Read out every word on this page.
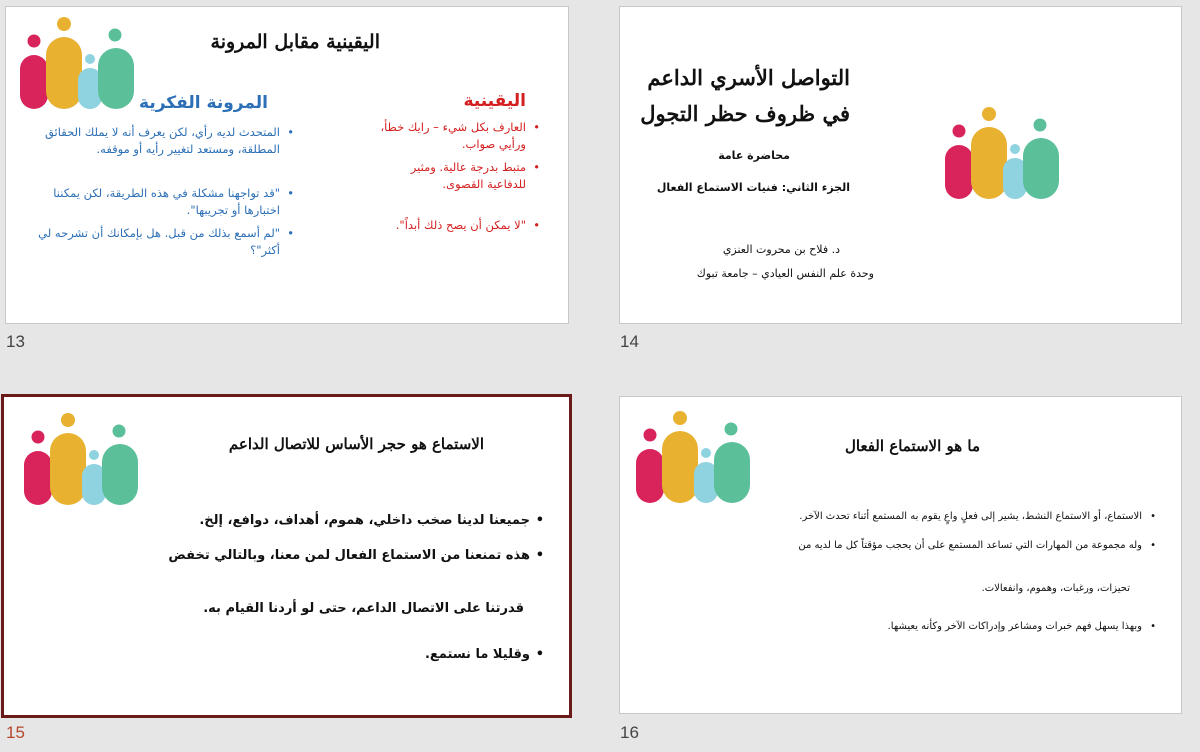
اليقينية مقابل المرونة
المرونة الفكرية
• المتحدث لديه رأي، لكن يعرف أنه لا يملك الحقائق المطلقة، ومستعد لتغيير رأيه أو موقفه.
• "قد تواجهنا مشكلة في هذه الطريقة، لكن يمكننا اختبارها أو تجريبها".
• "لم أسمع بذلك من قبل. هل بإمكانك أن تشرحه لي أكثر"؟
اليقينية
• العارف بكل شيء – رايك خطأ، ورأيي صواب.
• متبط بدرجة عالية. ومثير للدفاعية القصوى.
• "لا يمكن أن يصح ذلك أبداً".
13
التواصل الأسري الداعم
في ظروف حظر التجول
محاضرة عامة
الجزء الثاني: فنيات الاستماع الفعال
د. فلاح بن محروت العنزي
وحدة علم النفس العيادي – جامعة تبوك
14
الاستماع هو حجر الأساس للاتصال الداعم
• جميعنا لدينا صخب داخلي، هموم، أهداف، دوافع، إلخ.
• هذه تمنعنا من الاستماع الفعال لمن معنا، وبالتالي تخفض
قدرتنا على الاتصال الداعم، حتى لو أردنا القيام به.
• وقليلا ما نستمع.
15
ما هو الاستماع الفعال
• الاستماع، أو الاستماع النشط، يشير إلى فعلٍ واعٍ يقوم به المستمع أثناء تحدث الآخر.
• وله مجموعة من المهارات التي تساعد المستمع على أن يحجب مؤقتاً كل ما لديه من
تحيزات، ورغبات، وهموم، وانفعالات.
• وبهذا يسهل فهم خبرات ومشاعر وإدراكات الآخر وكأنه يعيشها.
16
